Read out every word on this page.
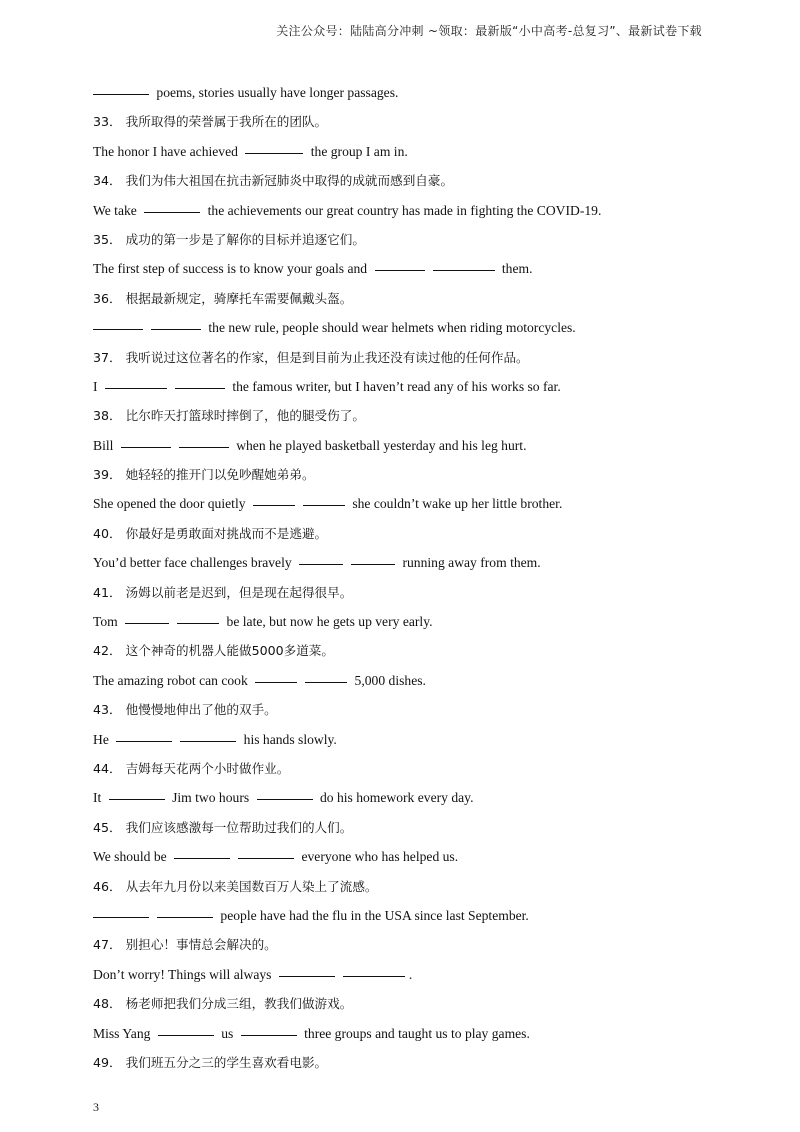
关注公众号：陆陆高分冲刺 ~领取：最新版“小中高考-总复习”、最新试卷下载
poems, stories usually have longer passages.
33． 我所取得的荣誉属于我所在的团队。
The honor I have achieved	the group I am in.
34． 我们为伟大祖国在抗击新冠肺炎中取得的成就而感到自豪。
We take	the achievements our great country has made in fighting the COVID-19.
35． 成功的第一步是了解你的目标并追逐它们。
The first step of success is to know your goals and	them.
36． 根据最新规定，骑摩托车需要佩戴头盔。
the new rule, people should wear helmets when riding motorcycles.
37． 我听说过这位著名的作家，但是到目前为止我还没有读过他的任何作品。
I	the famous writer, but I haven’t read any of his works so far.
38． 比尔昨天打篮球时摔倒了，他的腿受伤了。
Bill	when he played basketball yesterday and his leg hurt.
39． 她轻轻的推开门以免吵醒她弟弟。
She opened the door quietly	she couldn’t wake up her little brother.
40． 你最好是勇敢面对挑战而不是逃避。
You’d better face challenges bravely	running away from them.
41． 汤姆以前老是迟到，但是现在起得很早。
Tom	be late, but now he gets up very early.
42． 这个神奇的机器人能做5000多道菜。
The amazing robot can cook	5,000 dishes.
43． 他慢慢地伸出了他的双手。
He	his hands slowly.
44． 吉姆每天花两个小时做作业。
It	Jim two hours	do his homework every day.
45． 我们应该感激每一位帮助过我们的人们。
We should be	everyone who has helped us.
46． 从去年九月份以来美国数百万人染上了流感。
people have had the flu in the USA since last September.
47． 别担心！事情总会解决的。
Don’t worry! Things will always	.
48． 杨老师把我们分成三组，教我们做游戏。
Miss Yang	us	three groups and taught us to play games.
49． 我们班五分之三的学生喜欢看电影。
3
